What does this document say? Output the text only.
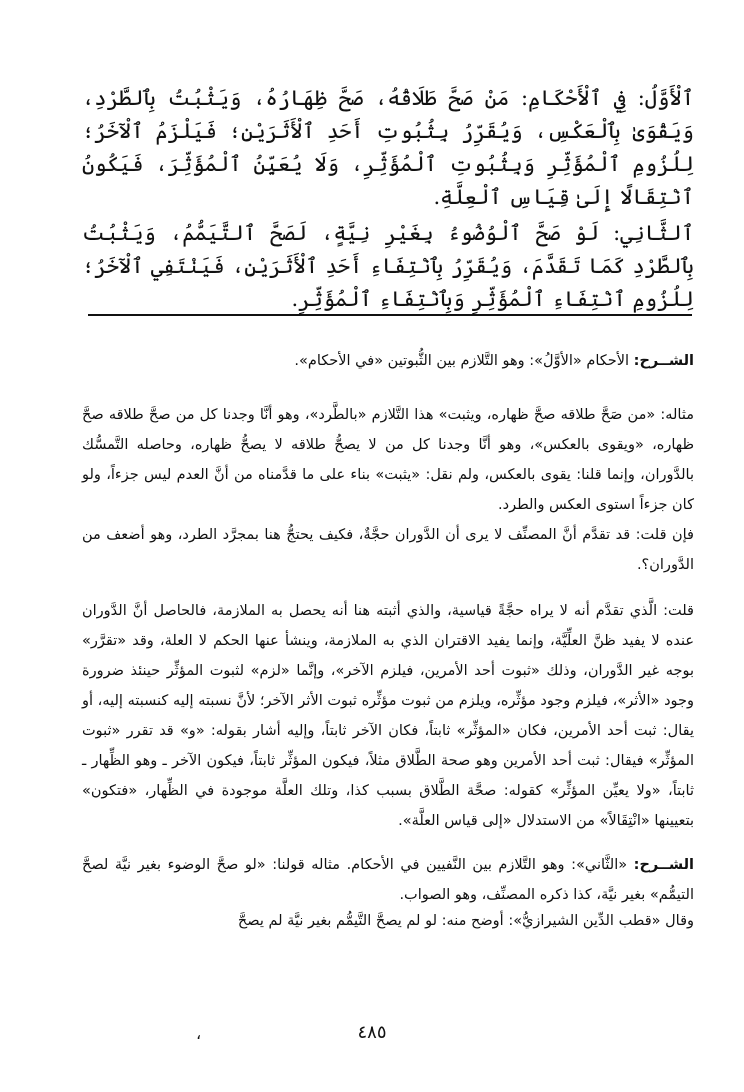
ٱلْأَوَّلُ: فِي ٱلْأَحْكَامِ: مَنْ صَحَّ طَلَاقُهُ، صَحَّ ظِهَارُهُ، وَيَثْبُتُ بِٱلطَّرْدِ، وَيَقْوَىٰ بِٱلْعَكْسِ، وَيُقَرِّرُ بِثُبُوتِ أَحَدِ ٱلْأَثَرَيْنِ؛ فَيَلْزَمُ ٱلْآخَرُ؛ لِلُزُومِ ٱلْمُؤَثِّرِ وَبِثُبُوتِ ٱلْمُؤَثِّرِ، وَلَا يُعَيِّنُ ٱلْمُؤَثِّرَ، فَيَكُونُ ٱنْتِقَالًا إِلَىٰ قِيَاسِ ٱلْعِلَّةِ.
ٱلثَّانِي: لَوْ صَحَّ ٱلْوُضُوءُ بِغَيْرِ نِيَّةٍ، لَصَحَّ ٱلتَّيَمُّمُ، وَيَثْبُتُ بِٱلطَّرْدِ كَمَا تَقَدَّمَ، وَيُقَرِّرُ بِٱنْتِفَاءِ أَحَدِ ٱلْأَثَرَيْنِ، فَيَنْتَفِي ٱلْآخَرُ؛ لِلُزُومِ ٱنْتِفَاءِ ٱلْمُؤَثِّرِ وَبِٱنْتِفَاءِ ٱلْمُؤَثِّرِ.
الشــرح: الأحكام «الأوَّلُ»: وهو التَّلازم بين الثُّبوتين «في الأحكام».
مثاله: «من صَحَّ طلاقه صحَّ ظهاره، ويثبت» هذا التَّلازم «بالطَّرد»، وهو أنَّا وجدنا كل من صحَّ طلاقه صحَّ ظهاره، «ويقوى بالعكس»، وهو أنَّا وجدنا كل من لا يصحُّ طلاقه لا يصحُّ ظهاره، وحاصله التَّمسُّك بالدَّوران، وإنما قلنا: يقوى بالعكس، ولم نقل: «يثبت» بناء على ما قدَّمناه من أنَّ العدم ليس جزءاً، ولو كان جزءاً استوى العكس والطرد.
فإن قلت: قد تقدَّم أنَّ المصنِّف لا يرى أن الدَّوران حجَّةٌ، فكيف يحتجُّ هنا بمجرَّد الطرد، وهو أضعف من الدَّوران؟.
قلت: الَّذي تقدَّم أنه لا يراه حجَّةً قياسية، والذي أثبته هنا أنه يحصل به الملازمة، فالحاصل أنَّ الدَّوران عنده لا يفيد ظنَّ العلِّيَّة، وإنما يفيد الاقتران الذي به الملازمة، وينشأ عنها الحكم لا العلة، وقد «تقرَّر» بوجه غير الدَّوران، وذلك «ثبوت أحد الأمرين، فيلزم الآخر»، وإنَّما «لزم» لثبوت المؤثِّر حينئذ ضرورة وجود «الأثر»، فيلزم وجود مؤثِّره، ويلزم من ثبوت مؤثِّره ثبوت الأثر الآخر؛ لأنَّ نسبته إليه كنسبته إليه، أو يقال: ثبت أحد الأمرين، فكان «المؤثِّر» ثابتاً، فكان الآخر ثابتاً، وإليه أشار بقوله: «و» قد تقرر «ثبوت المؤثِّر» فيقال: ثبت أحد الأمرين وهو صحة الطَّلاق مثلاً، فيكون المؤثِّر ثابتاً، فيكون الآخر ـ وهو الظِّهار ـ ثابتاً، «ولا يعيِّن المؤثِّر» كقوله: صحَّة الطَّلاق بسبب كذا، وتلك العلَّة موجودة في الظِّهار، «فتكون» بتعيينها «انْتِقَالاً» من الاستدلال «إلى قياس العلَّة».
الشــرح: «الثَّاني»: وهو التَّلازم بين النَّفيين في الأحكام. مثاله قولنا: «لو صحَّ الوضوء بغير نيَّة لصحَّ التيمُّم» بغير نيَّة، كذا ذكره المصنِّف، وهو الصواب.
وقال «قطب الدِّين الشيرازيُّ»: أوضح منه: لو لم يصحَّ التَّيمُّم بغير نيَّة لم يصحَّ
،	٤٨٥
